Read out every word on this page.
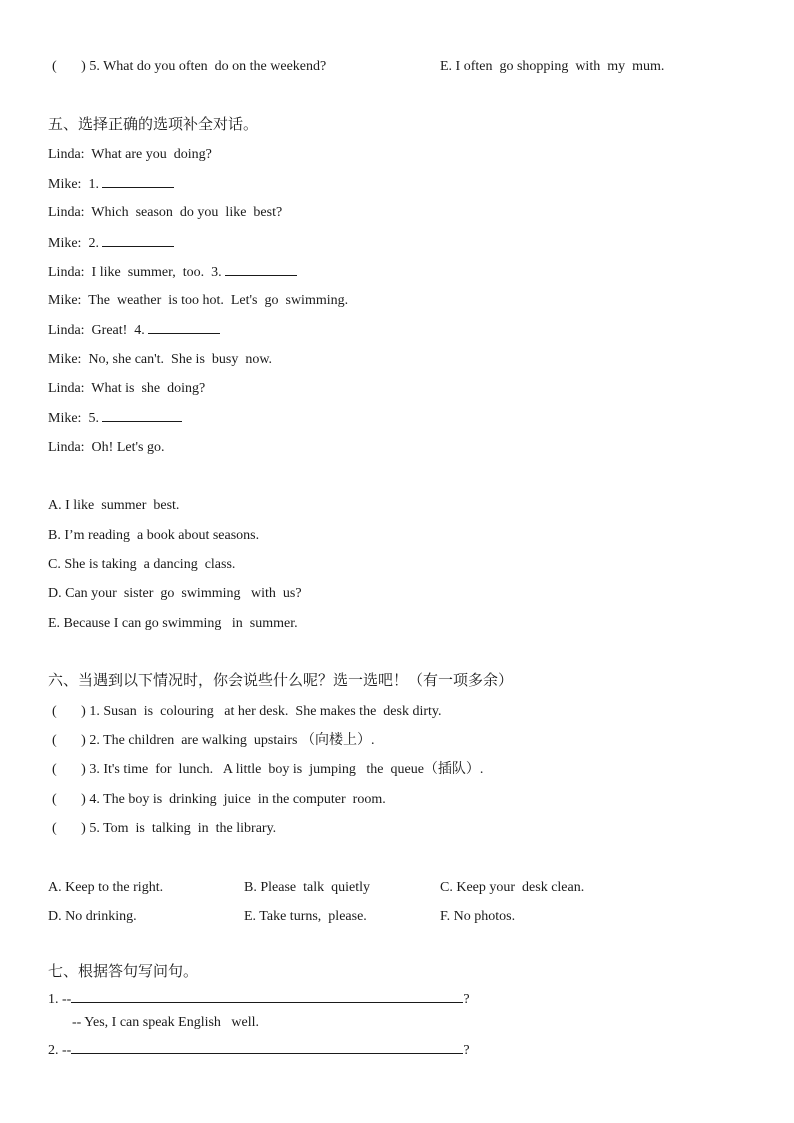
(       ) 5. What do you often  do on the weekend?	E. I often  go shopping  with  my  mum.
五、选择正确的选项补全对话。
Linda:  What are you  doing?
Mike:  1.
Linda:  Which  season  do you  like  best?
Mike:  2.
Linda:  I like  summer,  too.  3.
Mike:  The  weather  is too hot.  Let's  go  swimming.
Linda:  Great!  4.
Mike:  No, she can't.  She is  busy  now.
Linda:  What is  she  doing?
Mike:  5.
Linda:  Oh! Let's go.
A. I like  summer  best.
B. I’m reading  a book about seasons.
C. She is taking  a dancing  class.
D. Can your  sister  go  swimming   with  us?
E. Because I can go swimming   in  summer.
六、当遇到以下情况时，你会说些什么呢？选一选吧！（有一项多余）
(       ) 1. Susan  is  colouring   at her desk.  She makes the  desk dirty.
(       ) 2. The children  are walking  upstairs （向楼上）.
(       ) 3. It's time  for  lunch.   A little  boy is  jumping   the  queue（插队）.
(       ) 4. The boy is  drinking  juice  in the computer  room.
(       ) 5. Tom  is  talking  in  the library.
A. Keep to the right.	B. Please  talk  quietly	C. Keep your  desk clean.
D. No drinking.	E. Take turns,  please.	F. No photos.
七、根据答句写问句。
1. --	?
-- Yes, I can speak English   well.
2. --	?
